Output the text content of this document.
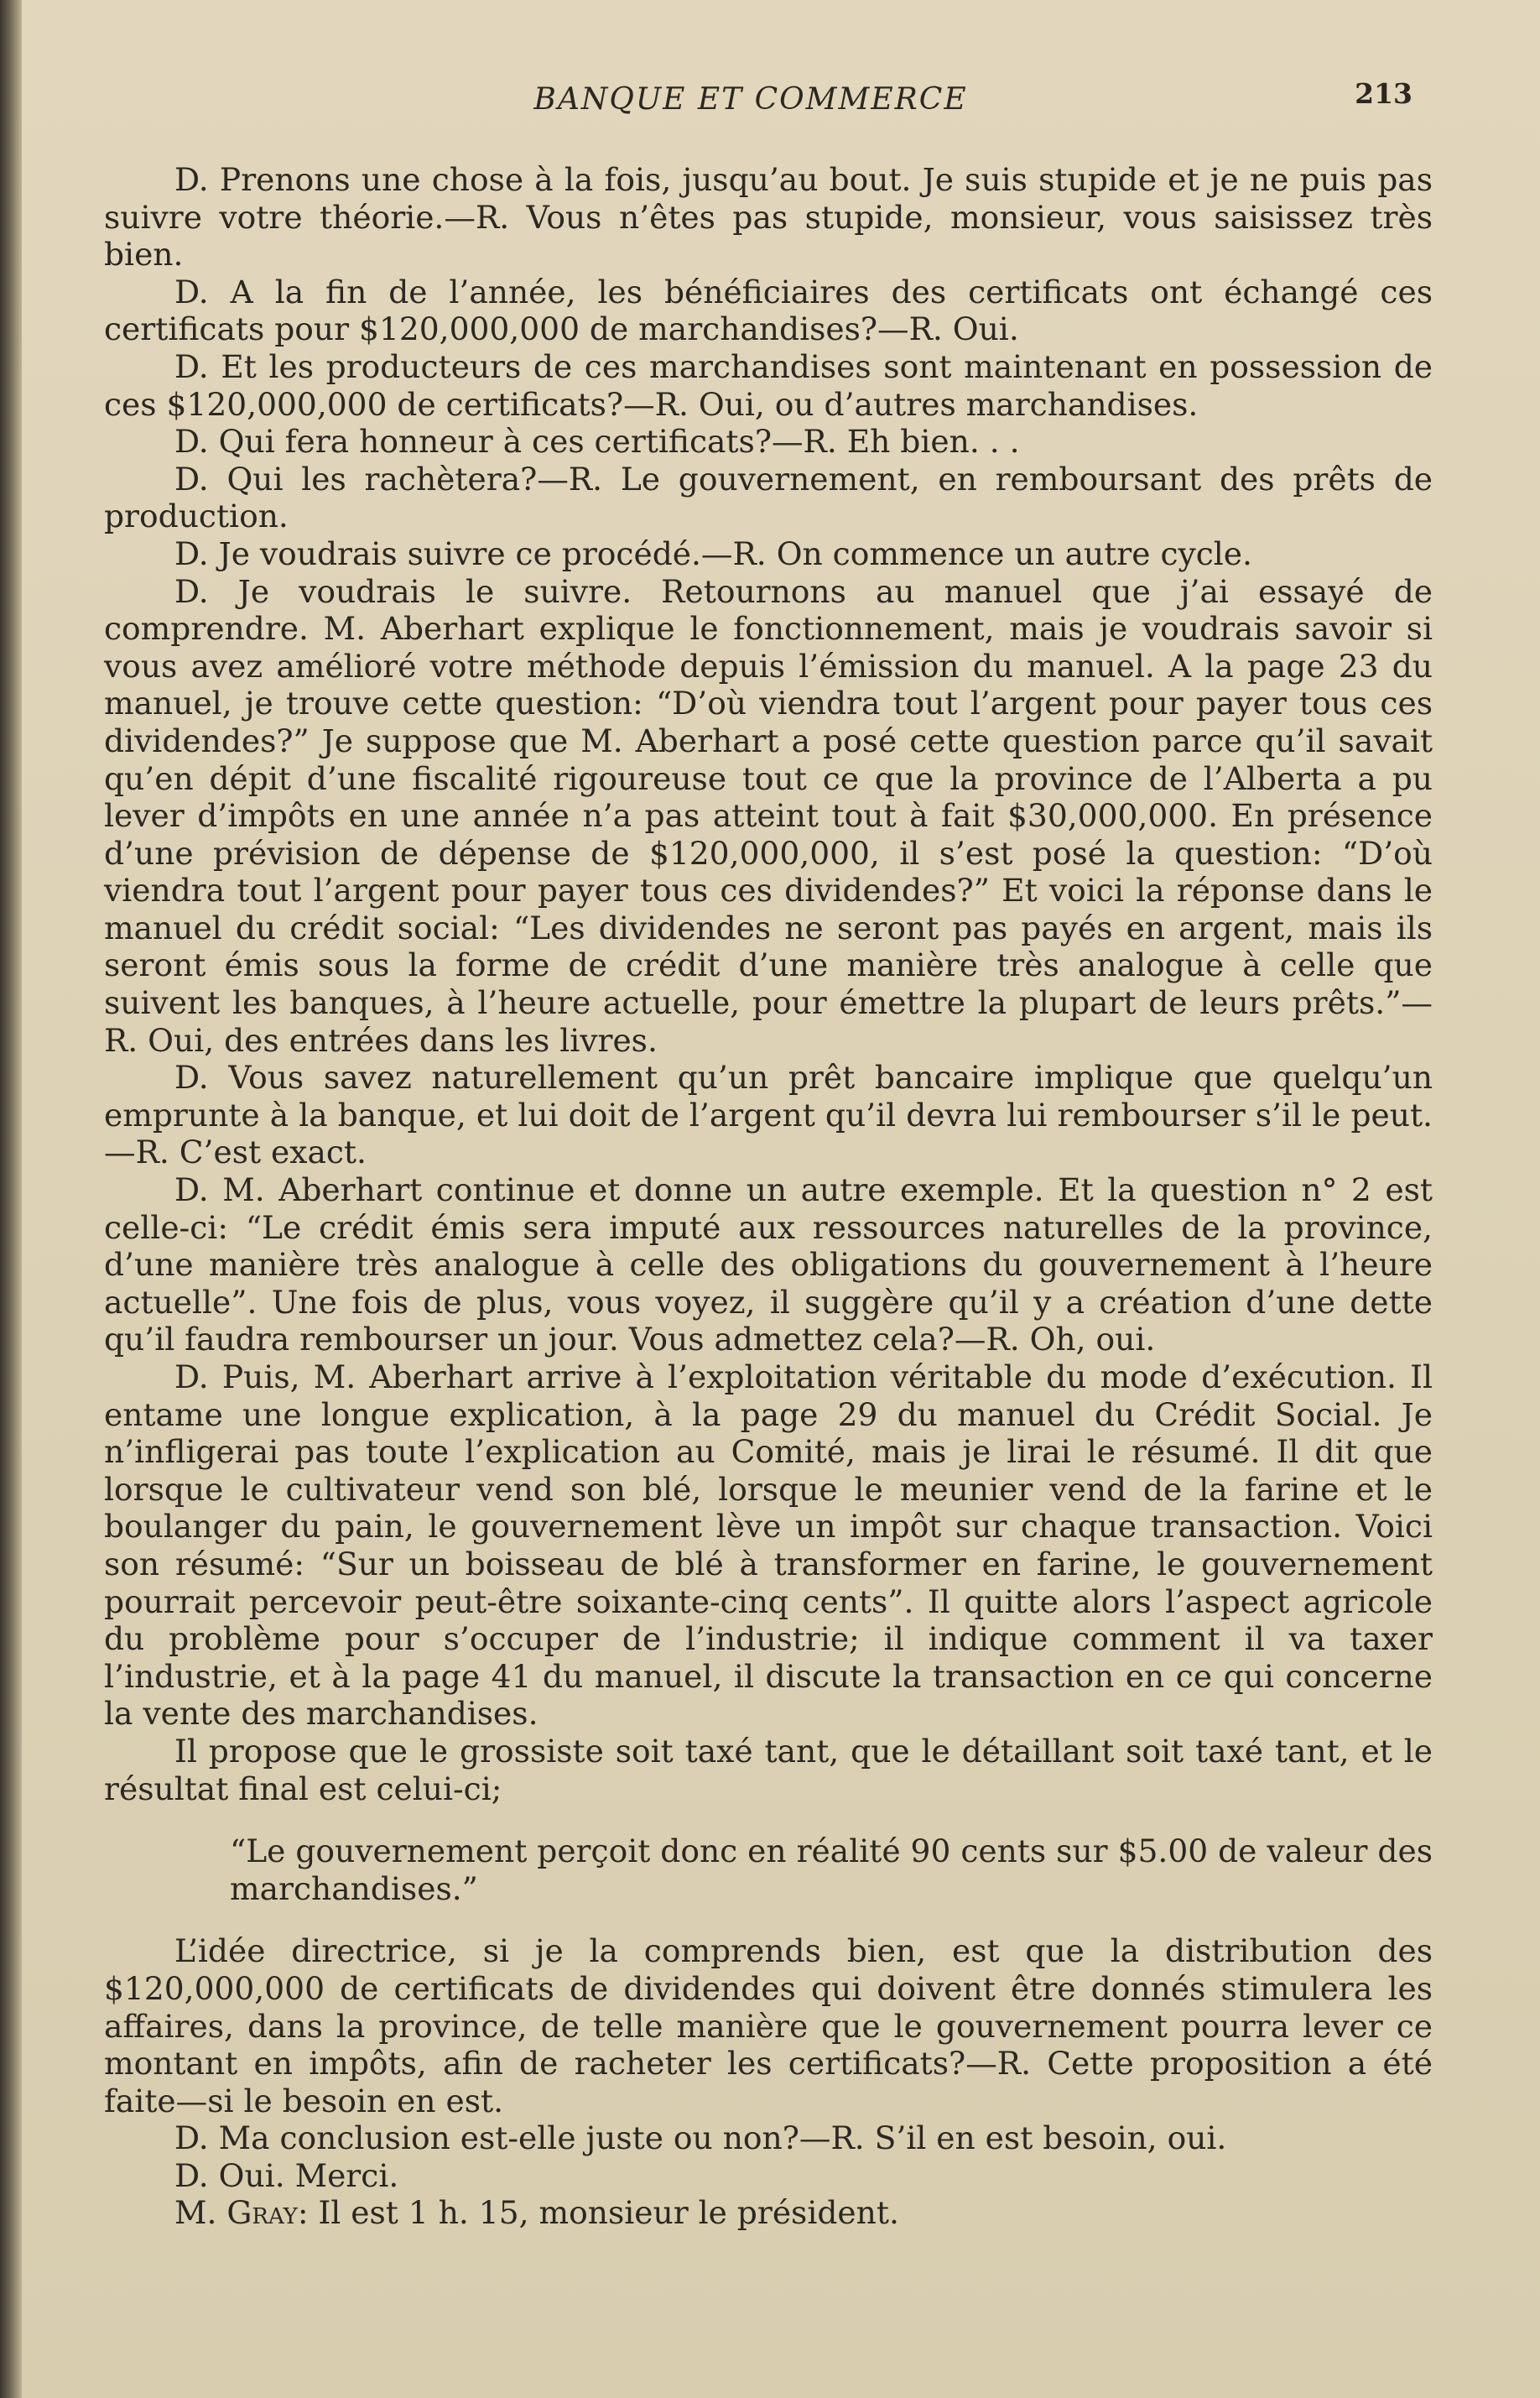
BANQUE ET COMMERCE	213

D. Prenons une chose à la fois, jusqu’au bout. Je suis stupide et je ne puis pas suivre votre théorie.—R. Vous n’êtes pas stupide, monsieur, vous saisissez très bien.

D. A la fin de l’année, les bénéficiaires des certificats ont échangé ces certificats pour $120,000,000 de marchandises?—R. Oui.

D. Et les producteurs de ces marchandises sont maintenant en possession de ces $120,000,000 de certificats?—R. Oui, ou d’autres marchandises.

D. Qui fera honneur à ces certificats?—R. Eh bien. . .

D. Qui les rachètera?—R. Le gouvernement, en remboursant des prêts de production.

D. Je voudrais suivre ce procédé.—R. On commence un autre cycle.

D. Je voudrais le suivre. Retournons au manuel que j’ai essayé de comprendre. M. Aberhart explique le fonctionnement, mais je voudrais savoir si vous avez amélioré votre méthode depuis l’émission du manuel. A la page 23 du manuel, je trouve cette question: “D’où viendra tout l’argent pour payer tous ces dividendes?” Je suppose que M. Aberhart a posé cette question parce qu’il savait qu’en dépit d’une fiscalité rigoureuse tout ce que la province de l’Alberta a pu lever d’impôts en une année n’a pas atteint tout à fait $30,000,000. En présence d’une prévision de dépense de $120,000,000, il s’est posé la question: “D’où viendra tout l’argent pour payer tous ces dividendes?” Et voici la réponse dans le manuel du crédit social: “Les dividendes ne seront pas payés en argent, mais ils seront émis sous la forme de crédit d’une manière très analogue à celle que suivent les banques, à l’heure actuelle, pour émettre la plupart de leurs prêts.”—R. Oui, des entrées dans les livres.

D. Vous savez naturellement qu’un prêt bancaire implique que quelqu’un emprunte à la banque, et lui doit de l’argent qu’il devra lui rembourser s’il le peut.—R. C’est exact.

D. M. Aberhart continue et donne un autre exemple. Et la question n° 2 est celle-ci: “Le crédit émis sera imputé aux ressources naturelles de la province, d’une manière très analogue à celle des obligations du gouvernement à l’heure actuelle”. Une fois de plus, vous voyez, il suggère qu’il y a création d’une dette qu’il faudra rembourser un jour. Vous admettez cela?—R. Oh, oui.

D. Puis, M. Aberhart arrive à l’exploitation véritable du mode d’exécution. Il entame une longue explication, à la page 29 du manuel du Crédit Social. Je n’infligerai pas toute l’explication au Comité, mais je lirai le résumé. Il dit que lorsque le cultivateur vend son blé, lorsque le meunier vend de la farine et le boulanger du pain, le gouvernement lève un impôt sur chaque transaction. Voici son résumé: “Sur un boisseau de blé à transformer en farine, le gouvernement pourrait percevoir peut-être soixante-cinq cents”. Il quitte alors l’aspect agricole du problème pour s’occuper de l’industrie; il indique comment il va taxer l’industrie, et à la page 41 du manuel, il discute la transaction en ce qui concerne la vente des marchandises.

Il propose que le grossiste soit taxé tant, que le détaillant soit taxé tant, et le résultat final est celui-ci;

“Le gouvernement perçoit donc en réalité 90 cents sur $5.00 de valeur des marchandises.”

L’idée directrice, si je la comprends bien, est que la distribution des $120,000,000 de certificats de dividendes qui doivent être donnés stimulera les affaires, dans la province, de telle manière que le gouvernement pourra lever ce montant en impôts, afin de racheter les certificats?—R. Cette proposition a été faite—si le besoin en est.

D. Ma conclusion est-elle juste ou non?—R. S’il en est besoin, oui.

D. Oui. Merci.

M. Gray: Il est 1 h. 15, monsieur le président.
